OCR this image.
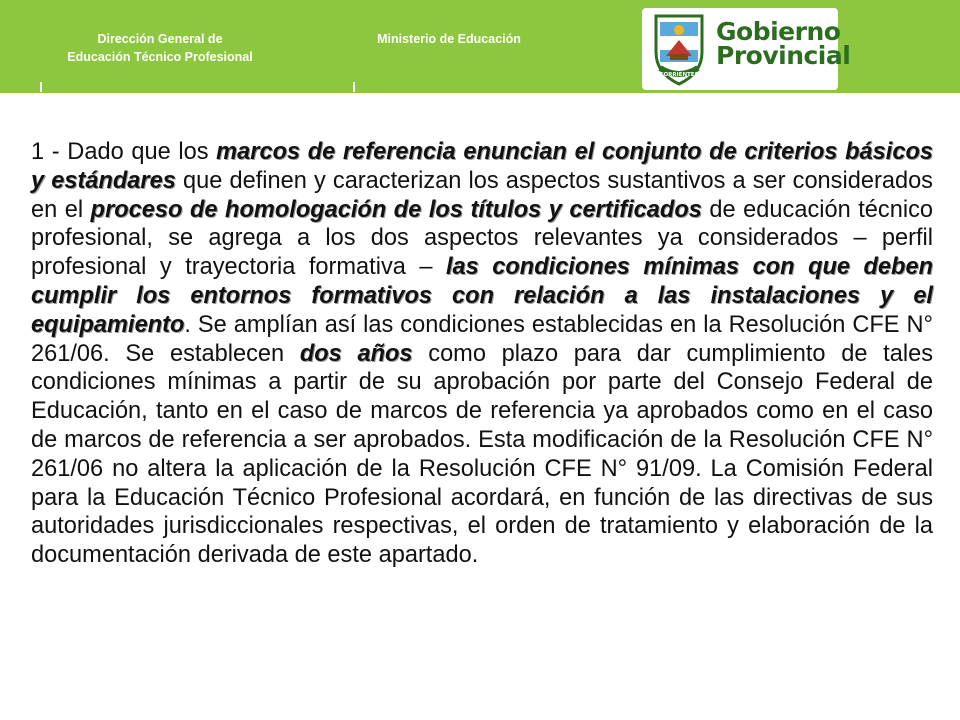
Dirección General de
Educación Técnico Profesional
Ministerio de Educación
CORRIENTES
Gobierno
Provincial
1 - Dado que los marcos de referencia enuncian el conjunto de criterios básicos y estándares que definen y caracterizan los aspectos sustantivos a ser considerados en el proceso de homologación de los títulos y certificados de educación técnico profesional, se agrega a los dos aspectos relevantes ya considerados – perfil profesional y trayectoria formativa – las condiciones mínimas con que deben cumplir los entornos formativos con relación a las instalaciones y el equipamiento. Se amplían así las condiciones establecidas en la Resolución CFE N° 261/06. Se establecen dos años como plazo para dar cumplimiento de tales condiciones mínimas a partir de su aprobación por parte del Consejo Federal de Educación, tanto en el caso de marcos de referencia ya aprobados como en el caso de marcos de referencia a ser aprobados. Esta modificación de la Resolución CFE N° 261/06 no altera la aplicación de la Resolución CFE N° 91/09. La Comisión Federal para la Educación Técnico Profesional acordará, en función de las directivas de sus autoridades jurisdiccionales respectivas, el orden de tratamiento y elaboración de la documentación derivada de este apartado.
